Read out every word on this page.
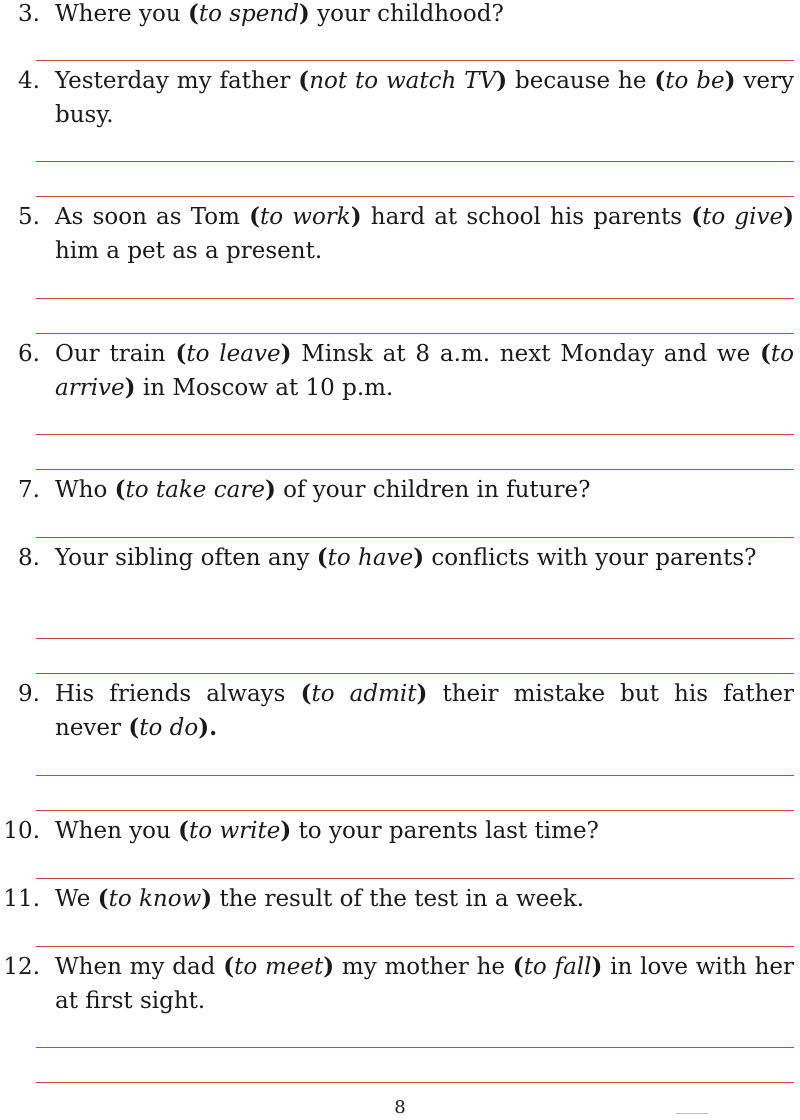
3. Where you (to spend) your childhood?
4. Yesterday my father (not to watch TV) because he (to be) very busy.
5. As soon as Tom (to work) hard at school his parents (to give) him a pet as a present.
6. Our train (to leave) Minsk at 8 a.m. next Monday and we (to arrive) in Moscow at 10 p.m.
7. Who (to take care) of your children in future?
8. Your sibling often any (to have) conflicts with your parents?
9. His friends always (to admit) their mistake but his father never (to do).
10. When you (to write) to your parents last time?
11. We (to know) the result of the test in a week.
12. When my dad (to meet) my mother he (to fall) in love with her at first sight.
8
